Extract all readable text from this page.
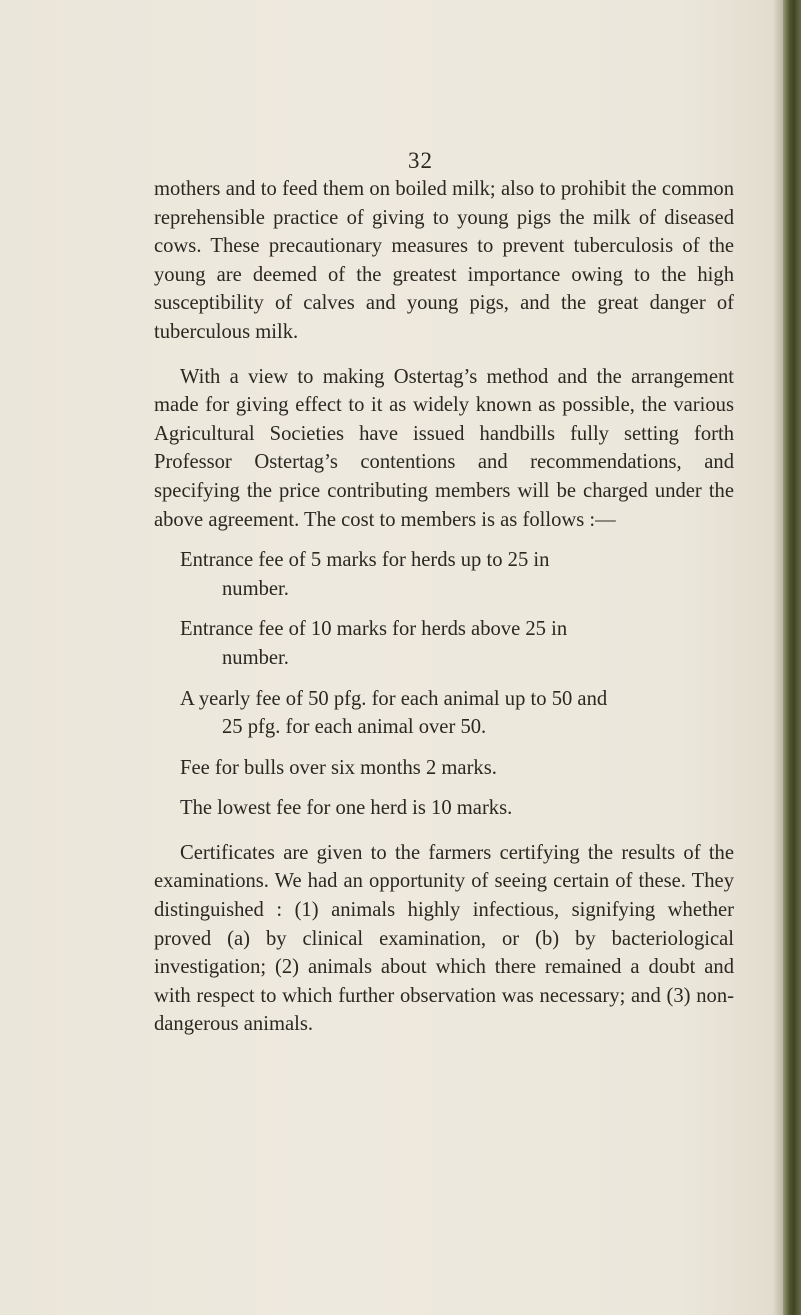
32

mothers and to feed them on boiled milk; also to prohibit the common reprehensible practice of giving to young pigs the milk of diseased cows. These precautionary measures to prevent tuberculosis of the young are deemed of the greatest importance owing to the high susceptibility of calves and young pigs, and the great danger of tuberculous milk.

With a view to making Ostertag’s method and the arrangement made for giving effect to it as widely known as possible, the various Agricultural Societies have issued handbills fully setting forth Professor Ostertag’s contentions and recommendations, and specifying the price contributing members will be charged under the above agreement. The cost to members is as follows :—

Entrance fee of 5 marks for herds up to 25 in
number.

Entrance fee of 10 marks for herds above 25 in
number.

A yearly fee of 50 pfg. for each animal up to 50 and
25 pfg. for each animal over 50.

Fee for bulls over six months 2 marks.

The lowest fee for one herd is 10 marks.

Certificates are given to the farmers certifying the results of the examinations. We had an opportunity of seeing certain of these. They distinguished : (1) animals highly infectious, signifying whether proved (a) by clinical examination, or (b) by bacteriological investigation; (2) animals about which there remained a doubt and with respect to which further observation was necessary; and (3) non-dangerous animals.
